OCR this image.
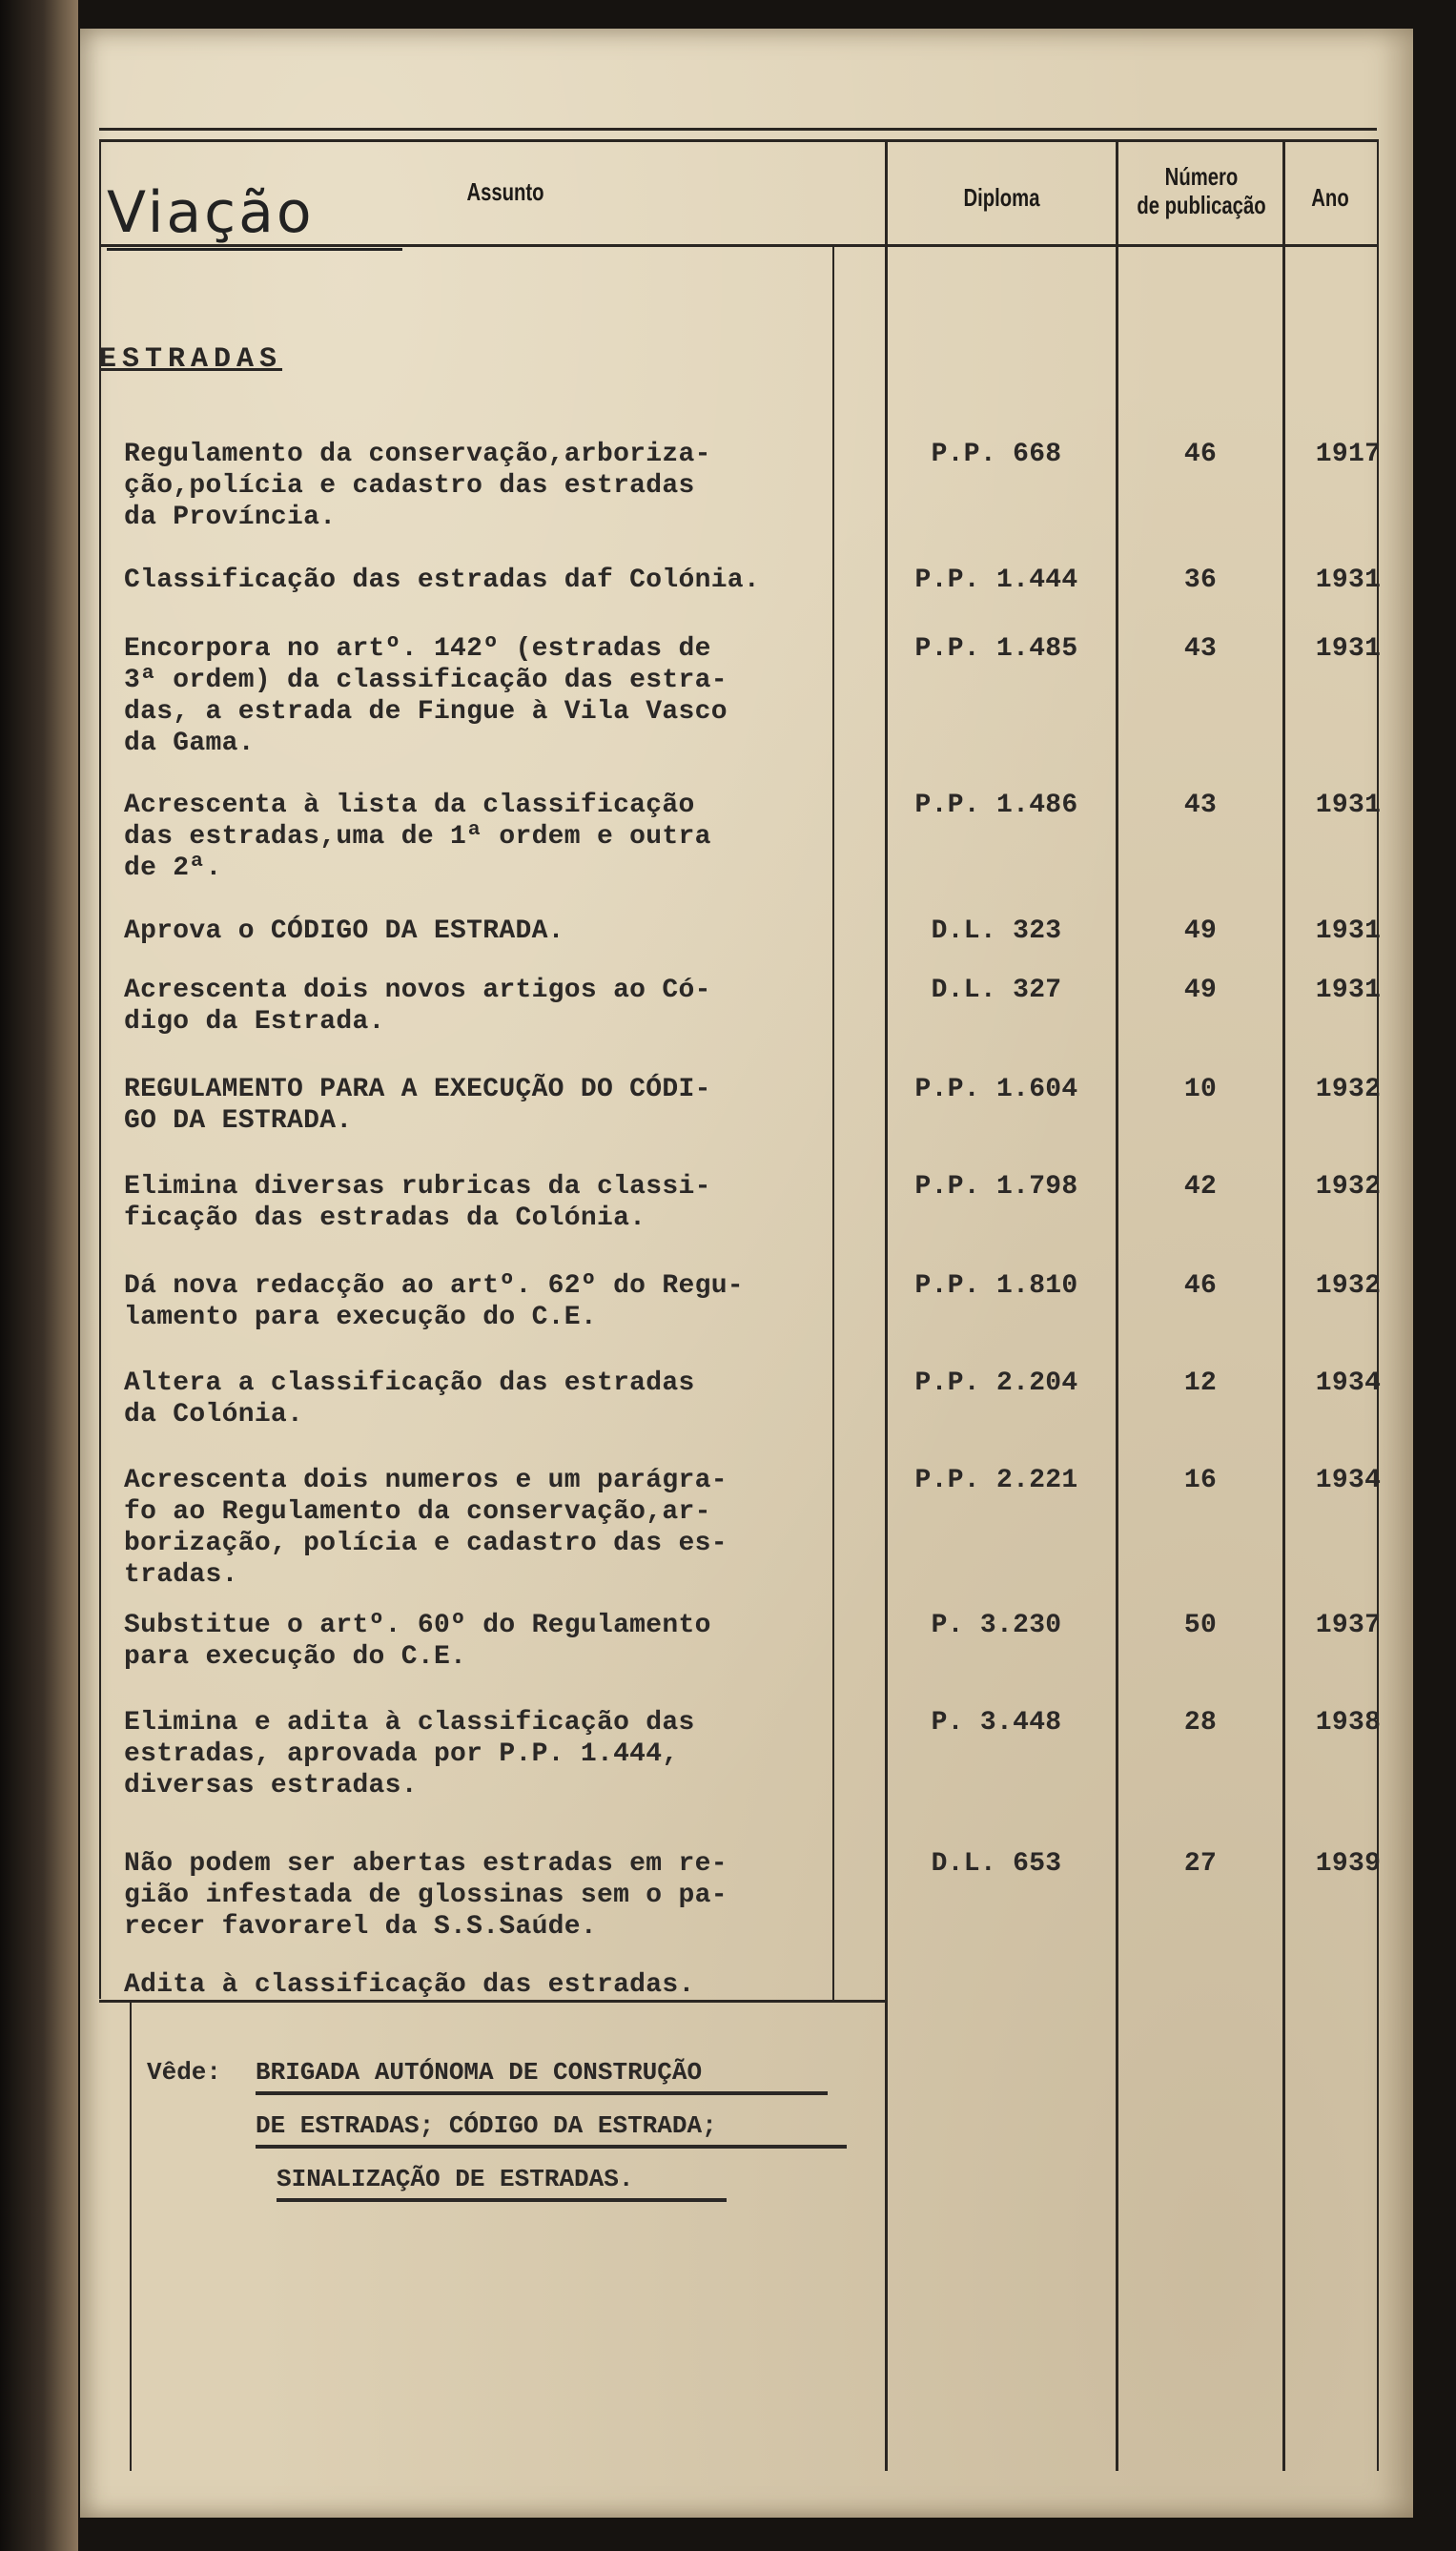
Viação	Assunto	Diploma
Número
de publicação	Ano
ESTRADAS
Regulamento da conservação,arboriza-
ção,polícia e cadastro das estradas
da Província.
P.P. 668	46	1917
Classificação das estradas daf Colónia.	P.P. 1.444	36	1931
Encorpora no artº. 142º (estradas de
3ª ordem) da classificação das estra-
das, a estrada de Fingue à Vila Vasco
da Gama.
P.P. 1.485	43	1931
Acrescenta à lista da classificação
das estradas,uma de 1ª ordem e outra
de 2ª.
P.P. 1.486	43	1931
Aprova o CÓDIGO DA ESTRADA.	D.L. 323	49	1931
Acrescenta dois novos artigos ao Có-
digo da Estrada.
D.L. 327	49	1931
REGULAMENTO PARA A EXECUÇÃO DO CÓDI-
GO DA ESTRADA.
P.P. 1.604	10	1932
Elimina diversas rubricas da classi-
ficação das estradas da Colónia.
P.P. 1.798	42	1932
Dá nova redacção ao artº. 62º do Regu-
lamento para execução do C.E.
P.P. 1.810	46	1932
Altera a classificação das estradas
da Colónia.
P.P. 2.204	12	1934
Acrescenta dois numeros e um parágra-
fo ao Regulamento da conservação,ar-
borização, polícia e cadastro das es-
tradas.
P.P. 2.221	16	1934
Substitue o artº. 60º do Regulamento
para execução do C.E.
P. 3.230	50	1937
Elimina e adita à classificação das
estradas, aprovada por P.P. 1.444,
diversas estradas.
P. 3.448	28	1938
Não podem ser abertas estradas em re-
gião infestada de glossinas sem o pa-
recer favorarel da S.S.Saúde.
D.L. 653	27	1939
Adita à classificação das estradas.
Vêde: BRIGADA AUTÓNOMA DE CONSTRUÇÃO
DE ESTRADAS; CÓDIGO DA ESTRADA;
SINALIZAÇÃO DE ESTRADAS.
